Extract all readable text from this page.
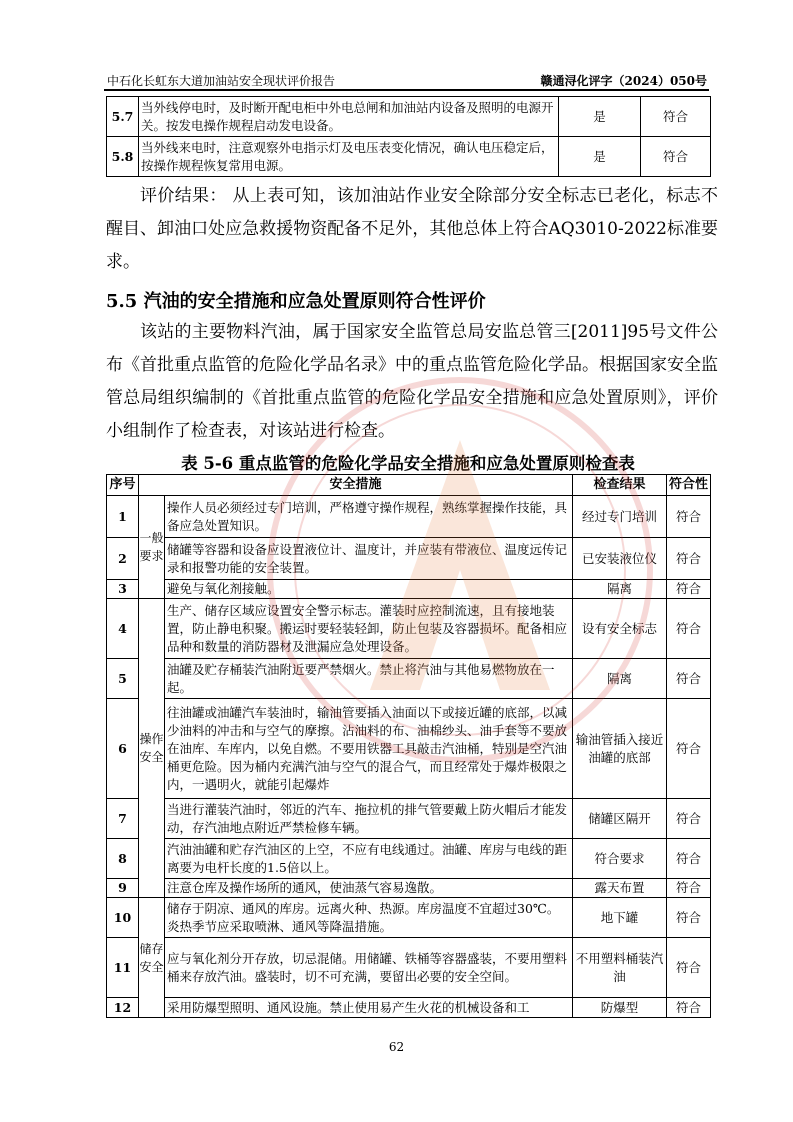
中石化长虹东大道加油站安全现状评价报告	赣通浔化评字（2024）050号
5.7	当外线停电时，及时断开配电柜中外电总闸和加油站内设备及照明的电源开关。按发电操作规程启动发电设备。	是	符合
5.8	当外线来电时，注意观察外电指示灯及电压表变化情况，确认电压稳定后，按操作规程恢复常用电源。	是	符合
评价结果： 从上表可知，该加油站作业安全除部分安全标志已老化，标志不醒目、卸油口处应急救援物资配备不足外，其他总体上符合AQ3010-2022标准要求。
5.5 汽油的安全措施和应急处置原则符合性评价
该站的主要物料汽油，属于国家安全监管总局安监总管三[2011]95号文件公布《首批重点监管的危险化学品名录》中的重点监管危险化学品。根据国家安全监管总局组织编制的《首批重点监管的危险化学品安全措施和应急处置原则》，评价小组制作了检查表，对该站进行检查。
表 5-6 重点监管的危险化学品安全措施和应急处置原则检查表
序号	安全措施		检查结果	符合性
1	一般要求	操作人员必须经过专门培训，严格遵守操作规程，熟练掌握操作技能，具备应急处置知识。	经过专门培训	符合
2		储罐等容器和设备应设置液位计、温度计，并应装有带液位、温度远传记录和报警功能的安全装置。	已安装液位仪	符合
3		避免与氧化剂接触。	隔离	符合
4	操作安全	生产、储存区域应设置安全警示标志。灌装时应控制流速，且有接地装置，防止静电积聚。搬运时要轻装轻卸，防止包装及容器损坏。配备相应品种和数量的消防器材及泄漏应急处理设备。	设有安全标志	符合
5		油罐及贮存桶装汽油附近要严禁烟火。禁止将汽油与其他易燃物放在一起。	隔离	符合
6		往油罐或油罐汽车装油时，输油管要插入油面以下或接近罐的底部，以减少油料的冲击和与空气的摩擦。沾油料的布、油棉纱头、油手套等不要放在油库、车库内，以免自燃。不要用铁器工具敲击汽油桶，特别是空汽油桶更危险。因为桶内充满汽油与空气的混合气，而且经常处于爆炸极限之内，一遇明火，就能引起爆炸	输油管插入接近油罐的底部	符合
7		当进行灌装汽油时，邻近的汽车、拖拉机的排气管要戴上防火帽后才能发动，存汽油地点附近严禁检修车辆。	储罐区隔开	符合
8		汽油油罐和贮存汽油区的上空，不应有电线通过。油罐、库房与电线的距离要为电杆长度的1.5倍以上。	符合要求	符合
9		注意仓库及操作场所的通风，使油蒸气容易逸散。	露天布置	符合
10	储存安全	储存于阴凉、通风的库房。远离火种、热源。库房温度不宜超过30℃。炎热季节应采取喷淋、通风等降温措施。	地下罐	符合
11		应与氧化剂分开存放，切忌混储。用储罐、铁桶等容器盛装，不要用塑料桶来存放汽油。盛装时，切不可充满，要留出必要的安全空间。	不用塑料桶装汽油	符合
12		采用防爆型照明、通风设施。禁止使用易产生火花的机械设备和工	防爆型	符合
62
